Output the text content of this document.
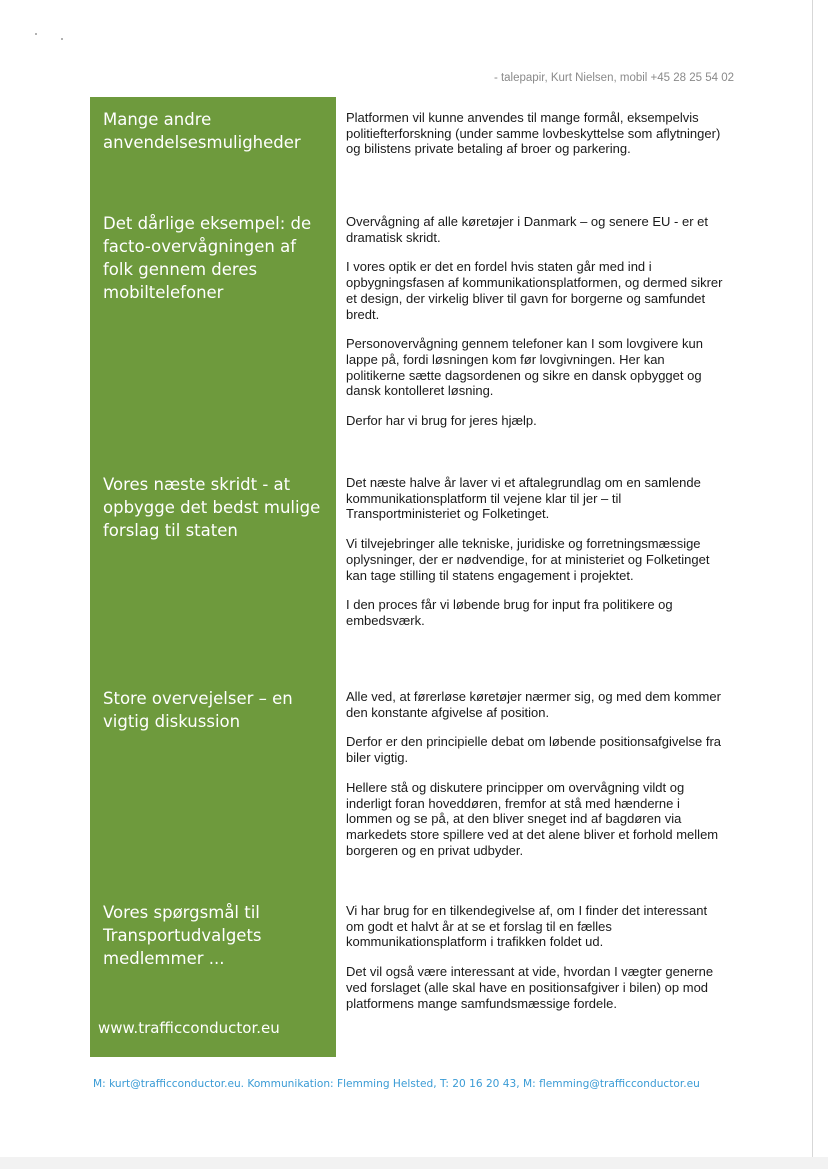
- talepapir, Kurt Nielsen, mobil +45 28 25 54 02
Mange andre anvendelsesmuligheder
Det dårlige eksempel: de facto-overvågningen af folk gennem deres mobiltelefoner
Vores næste skridt - at opbygge det bedst mulige forslag til staten
Store overvejelser – en vigtig diskussion
Vores spørgsmål til Transportudvalgets medlemmer ...
www.trafficconductor.eu

Platformen vil kunne anvendes til mange formål, eksempelvis politiefterforskning (under samme lovbeskyttelse som aflytninger) og bilistens private betaling af broer og parkering.

Overvågning af alle køretøjer i Danmark – og senere EU - er et dramatisk skridt.

I vores optik er det en fordel hvis staten går med ind i opbygningsfasen af kommunikationsplatformen, og dermed sikrer et design, der virkelig bliver til gavn for borgerne og samfundet bredt.

Personovervågning gennem telefoner kan I som lovgivere kun lappe på, fordi løsningen kom før lovgivningen. Her kan politikerne sætte dagsordenen og sikre en dansk opbygget og dansk kontolleret løsning.

Derfor har vi brug for jeres hjælp.

Det næste halve år laver vi et aftalegrundlag om en samlende kommunikationsplatform til vejene klar til jer – til Transportministeriet og Folketinget.

Vi tilvejebringer alle tekniske, juridiske og forretningsmæssige oplysninger, der er nødvendige, for at ministeriet og Folketinget kan tage stilling til statens engagement i projektet.

I den proces får vi løbende brug for input fra politikere og embedsværk.

Alle ved, at førerløse køretøjer nærmer sig, og med dem kommer den konstante afgivelse af position.

Derfor er den principielle debat om løbende positionsafgivelse fra biler vigtig.

Hellere stå og diskutere principper om overvågning vildt og inderligt foran hoveddøren, fremfor at stå med hænderne i lommen og se på, at den bliver sneget ind af bagdøren via markedets store spillere ved at det alene bliver et forhold mellem borgeren og en privat udbyder.

Vi har brug for en tilkendegivelse af, om I finder det interessant om godt et halvt år at se et forslag til en fælles kommunikationsplatform i trafikken foldet ud.

Det vil også være interessant at vide, hvordan I vægter generne ved forslaget (alle skal have en positionsafgiver i bilen) op mod platformens mange samfundsmæssige fordele.

M: kurt@trafficconductor.eu. Kommunikation: Flemming Helsted, T: 20 16 20 43, M: flemming@trafficconductor.eu
